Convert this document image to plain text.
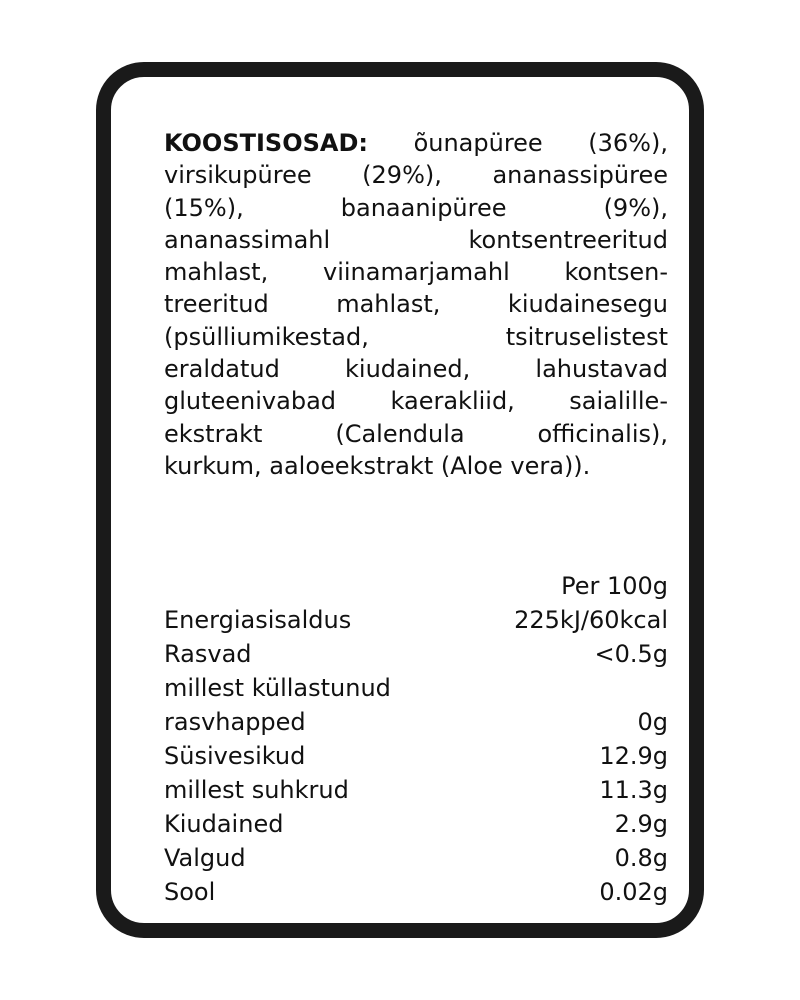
KOOSTISOSAD: õunapüree (36%),
virsikupüree (29%), ananassipüree
(15%),	banaanipüree	(9%),
ananassimahl	kontsentreeritud
mahlast, viinamarjamahl kontsen-
treeritud	mahlast,	kiudainesegu
(psülliumikestad,	tsitruselistest
eraldatud	kiudained,	lahustavad
gluteenivabad kaerakliid, saialille-
ekstrakt	(Calendula	officinalis),
kurkum, aaloeekstrakt (Aloe vera)).
Per 100g
Energiasisaldus	225kJ/60kcal
Rasvad	<0.5g
millest küllastunud
rasvhapped	0g
Süsivesikud	12.9g
millest suhkrud	11.3g
Kiudained	2.9g
Valgud	0.8g
Sool	0.02g
